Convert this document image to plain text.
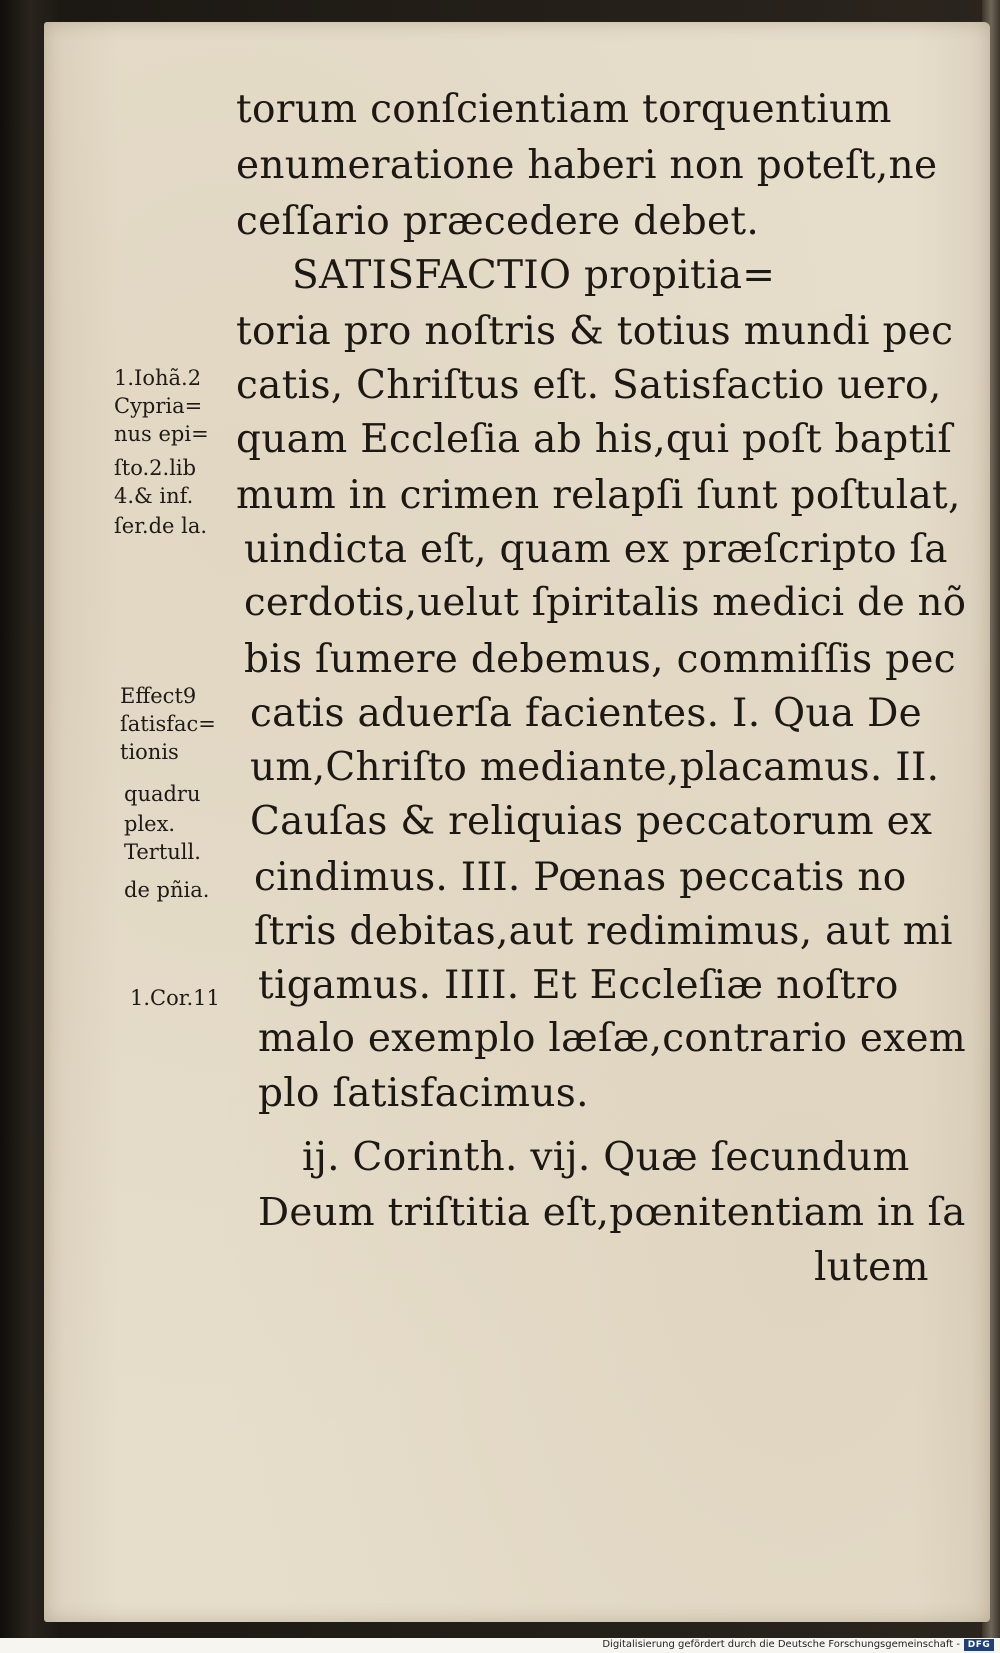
torum conſcientiam torquentium
enumeratione haberi non poteſt,ne
ceſſario præcedere debet.
SATISFACTIO propitia=
toria pro noſtris & totius mundi pec
catis, Chriſtus eſt. Satisfactio uero,
quam Eccleſia ab his,qui poſt baptiſ
mum in crimen relapſi ſunt poſtulat,
uindicta eſt, quam ex præſcripto ſa
cerdotis,uelut ſpiritalis medici de nõ
bis ſumere debemus, commiſſis pec
catis aduerſa facientes. I. Qua De
um,Chriſto mediante,placamus. II.
Cauſas & reliquias peccatorum ex
cindimus. III. Pœnas peccatis no
ſtris debitas,aut redimimus, aut mi
tigamus. IIII. Et Eccleſiæ noſtro
malo exemplo læſæ,contrario exem
plo ſatisfacimus.
ij. Corinth. vij. Quæ ſecundum
Deum triſtitia eſt,pœnitentiam in ſa
lutem
1.Iohã.2
Cypria=
nus epi=
ſto.2.lib
4.& inf.
ſer.de la.
Effect9
ſatisfac=
tionis
quadru
plex.
Tertull.
de pñia.
1.Cor.11
Digitalisierung gefördert durch die Deutsche Forschungsgemeinschaft - DFG
